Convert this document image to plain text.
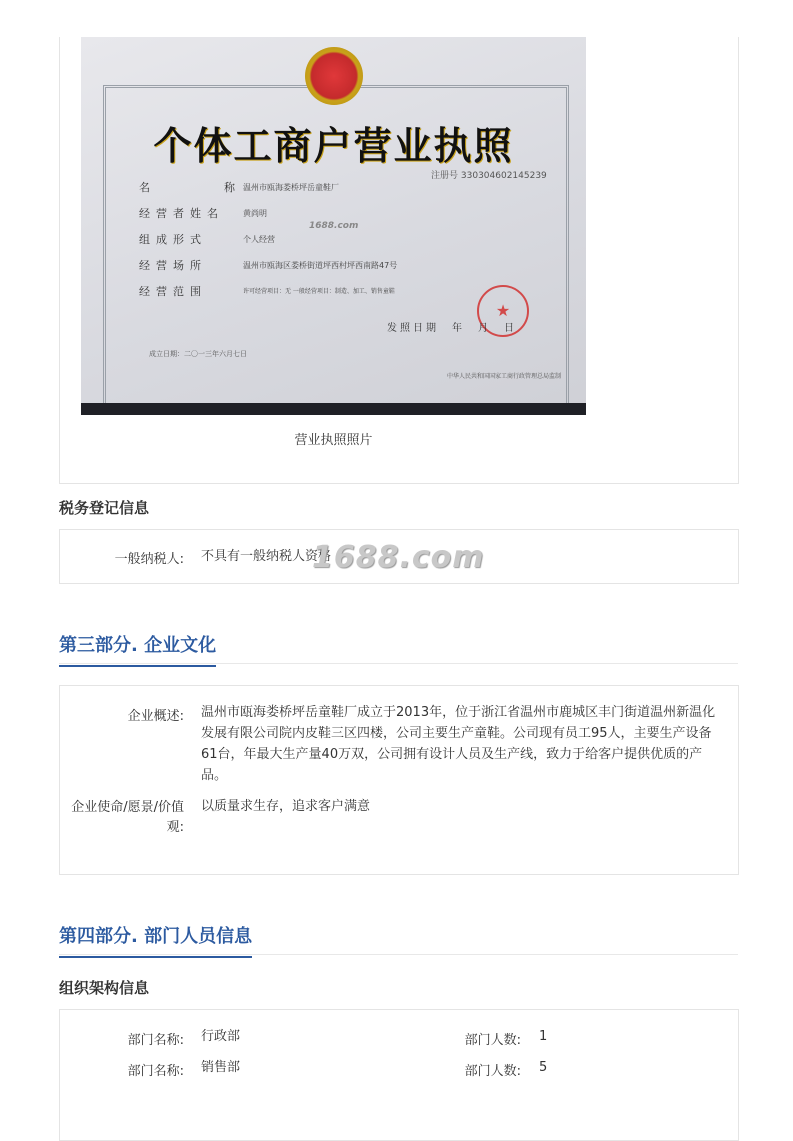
个体工商户营业执照
注册号 330304602145239
名　　　　称 温州市瓯海娄桥坪岳童鞋厂
经营者姓名 黄尚明
1688.com
组成形式	个人经营
经营场所	温州市瓯海区娄桥街道坪西村坪西南路47号
经营范围	许可经营项目：无 一般经营项目：制造、加工、销售童鞋
★
发照日期　 年　月　日
成立日期：二〇一三年六月七日
中华人民共和国国家工商行政管理总局监制
营业执照照片
税务登记信息
一般纳税人: 不具有一般纳税人资格
1688.com
第三部分. 企业文化
企业概述: 温州市瓯海娄桥坪岳童鞋厂成立于2013年，位于浙江省温州市鹿城区丰门街道温州新温化发展有限公司院内皮鞋三区四楼，公司主要生产童鞋。公司现有员工95人，主要生产设备61台，年最大生产量40万双，公司拥有设计人员及生产线，致力于给客户提供优质的产品。
企业使命/愿景/价值观:
以质量求生存，追求客户满意
第四部分. 部门人员信息
组织架构信息
部门名称: 行政部	部门人数: 1
部门名称: 销售部	部门人数: 5
